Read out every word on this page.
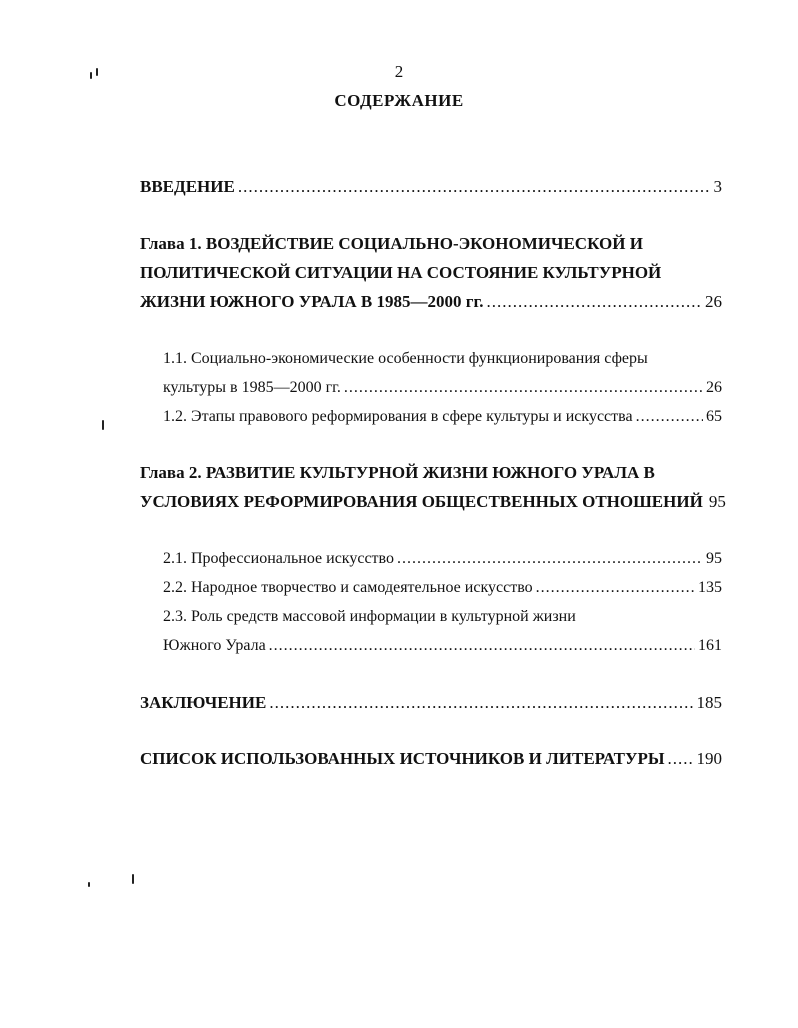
2
СОДЕРЖАНИЕ
ВВЕДЕНИЕ .....	3
Глава 1. ВОЗДЕЙСТВИЕ СОЦИАЛЬНО-ЭКОНОМИЧЕСКОЙ И
ПОЛИТИЧЕСКОЙ СИТУАЦИИ НА СОСТОЯНИЕ КУЛЬТУРНОЙ
ЖИЗНИ ЮЖНОГО УРАЛА В 1985—2000 гг. .....	26
1.1. Социально-экономические особенности функционирования сферы
культуры в 1985—2000 гг. .....	26
1.2. Этапы правового реформирования в сфере культуры и искусства .....	65
Глава 2. РАЗВИТИЕ КУЛЬТУРНОЙ ЖИЗНИ ЮЖНОГО УРАЛА В
УСЛОВИЯХ РЕФОРМИРОВАНИЯ ОБЩЕСТВЕННЫХ ОТНОШЕНИЙ 95
2.1. Профессиональное искусство .....	95
2.2. Народное творчество и самодеятельное искусство .....	135
2.3. Роль средств массовой информации в культурной жизни
Южного Урала .....	161
ЗАКЛЮЧЕНИЕ .....	185
СПИСОК ИСПОЛЬЗОВАННЫХ ИСТОЧНИКОВ И ЛИТЕРАТУРЫ ..... 190
